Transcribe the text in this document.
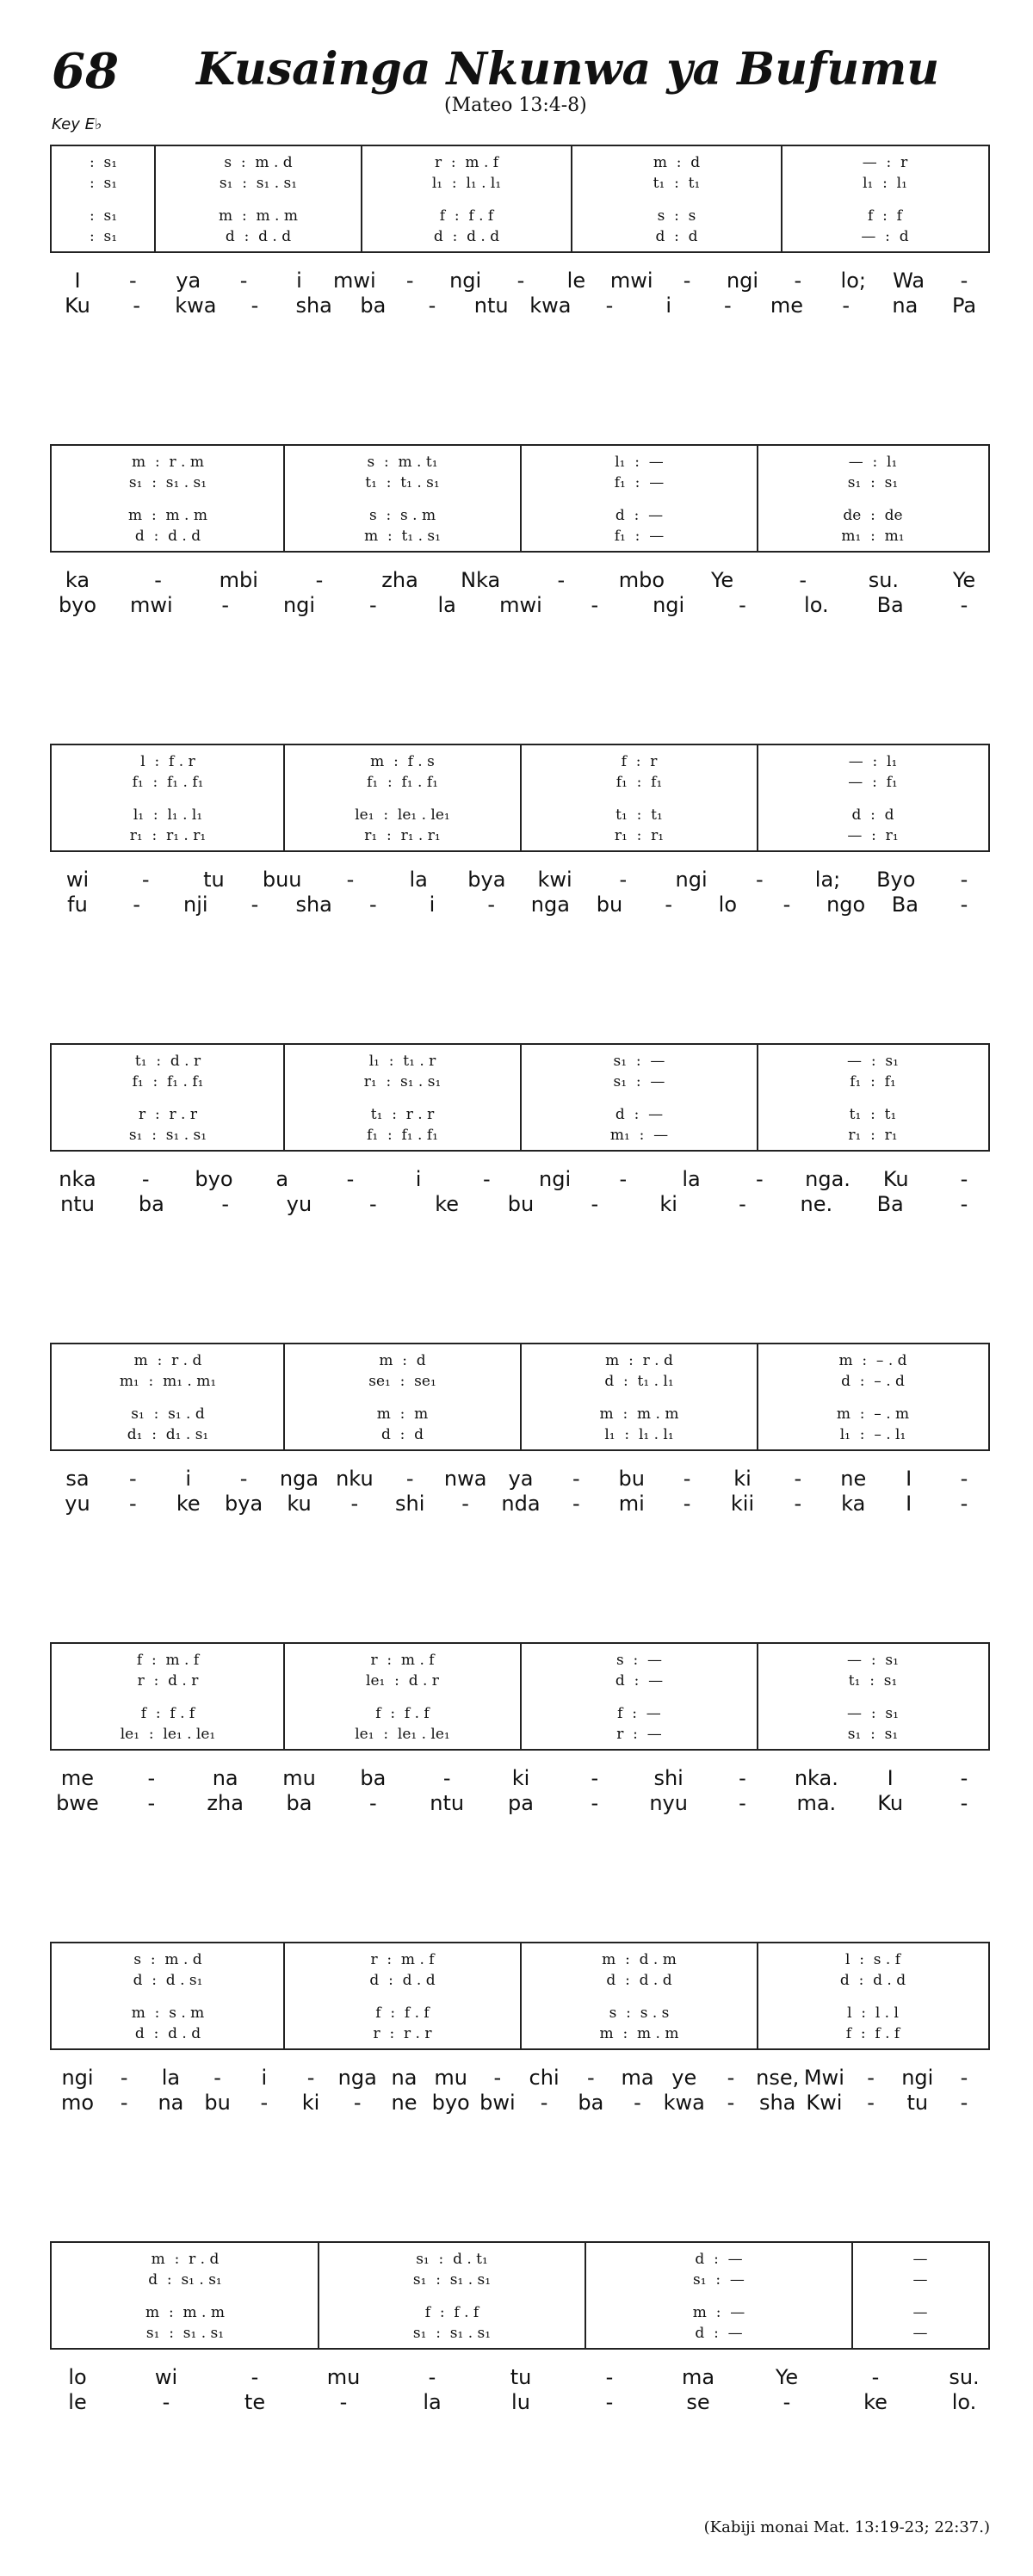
68 Kusainga Nkunwa ya Bufumu
(Mateo 13:4-8)
Key E♭
:  s₁	s  :  m . d	r  :  m . f	m  :  d	—  :  r
:  s₁	s₁  :  s₁ . s₁	l₁  :  l₁ . l₁	t₁  :  t₁	l₁  :  l₁
:  s₁	m  :  m . m	f  :  f . f	s  :  s	f  :  f
:  s₁	d  :  d . d	d  :  d . d	d  :  d	—  :  d
I - ya - i mwi - ngi - le mwi - ngi - lo; Wa -
Ku - kwa - sha ba - ntu kwa -	i	- me - na Pa
m  :  r . m	s  :  m . t₁	l₁  :  —	—  :  l₁
s₁  :  s₁ . s₁	t₁  :  t₁ . s₁	f₁  :  —	s₁  :  s₁
m  :  m . m	s  :  s . m	d  :  —	de  :  de
d  :  d . d	m  :  t₁ . s₁	f₁  :  —	m₁  :  m₁
ka	-	mbi	-	zha Nka	-	mbo Ye	-	su.	Ye
byo mwi -	ngi	-	la mwi -	ngi	-	lo. Ba	-
l  :  f . r	m  :  f . s	f  :  r	—  :  l₁
f₁  :  f₁ . f₁	f₁  :  f₁ . f₁	f₁  :  f₁	—  :  f₁
l₁  :  l₁ . l₁	le₁  :  le₁ . le₁	t₁  :  t₁	d  :  d
r₁  :  r₁ . r₁	r₁  :  r₁ . r₁	r₁  :  r₁	—  :  r₁
wi	-	tu buu -	la bya kwi - ngi -	la; Byo -
fu - nji - sha -	i	- nga bu - lo - ngo Ba -
t₁  :  d . r	l₁  :  t₁ . r	s₁  :  —	—  :  s₁
f₁  :  f₁ . f₁	r₁  :  s₁ . s₁	s₁  :  —	f₁  :  f₁
r  :  r . r	t₁  :  r . r	d  :  —	t₁  :  t₁
s₁  :  s₁ . s₁	f₁  :  f₁ . f₁	m₁  :  —	r₁  :  r₁
nka - byo a	-	i	- ngi -	la	- nga. Ku	-
ntu ba	-	yu	-	ke bu	-	ki	-	ne. Ba	-
m  :  r . d	m  :  d	m  :  r . d	m  :  – . d
m₁  :  m₁ . m₁	se₁  :  se₁	d  :  t₁ . l₁	d  :  – . d
s₁  :  s₁ . d	m  :  m	m  :  m . m	m  :  – . m
d₁  :  d₁ . s₁	d  :  d	l₁  :  l₁ . l₁	l₁  :  – . l₁
sa - i - nga nku - nwa ya - bu - ki - ne I -
yu - ke bya ku - shi - nda - mi - kii - ka I -
f  :  m . f	r  :  m . f	s  :  —	—  :  s₁
r  :  d . r	le₁  :  d . r	d  :  —	t₁  :  s₁
f  :  f . f	f  :  f . f	f  :  —	—  :  s₁
le₁  :  le₁ . le₁	le₁  :  le₁ . le₁	r  :  —	s₁  :  s₁
me	-	na mu ba	-	ki	-	shi	- nka. I	-
bwe -	zha ba	-	ntu pa	- nyu - ma. Ku	-
s  :  m . d	r  :  m . f	m  :  d . m	l  :  s . f
d  :  d . s₁	d  :  d . d	d  :  d . d	d  :  d . d
m  :  s . m	f  :  f . f	s  :  s . s	l  :  l . l
d  :  d . d	r  :  r . r	m  :  m . m	f  :  f . f
ngi - la - i - nga na mu - chi - ma ye - nse, Mwi - ngi -
mo - na bu - ki - ne byo bwi - ba - kwa - sha Kwi - tu -
m  :  r . d	s₁  :  d . t₁	d  :  —	—
d  :  s₁ . s₁	s₁  :  s₁ . s₁	s₁  :  —	—
m  :  m . m	f  :  f . f	m  :  —	—
s₁  :  s₁ . s₁	s₁  :  s₁ . s₁	d  :  —	—
lo	wi	-	mu	-	tu	-	ma	Ye	-	su.
le	-	te	-	la	lu	-	se	-	ke	lo.
(Kabiji monai Mat. 13:19-23; 22:37.)
